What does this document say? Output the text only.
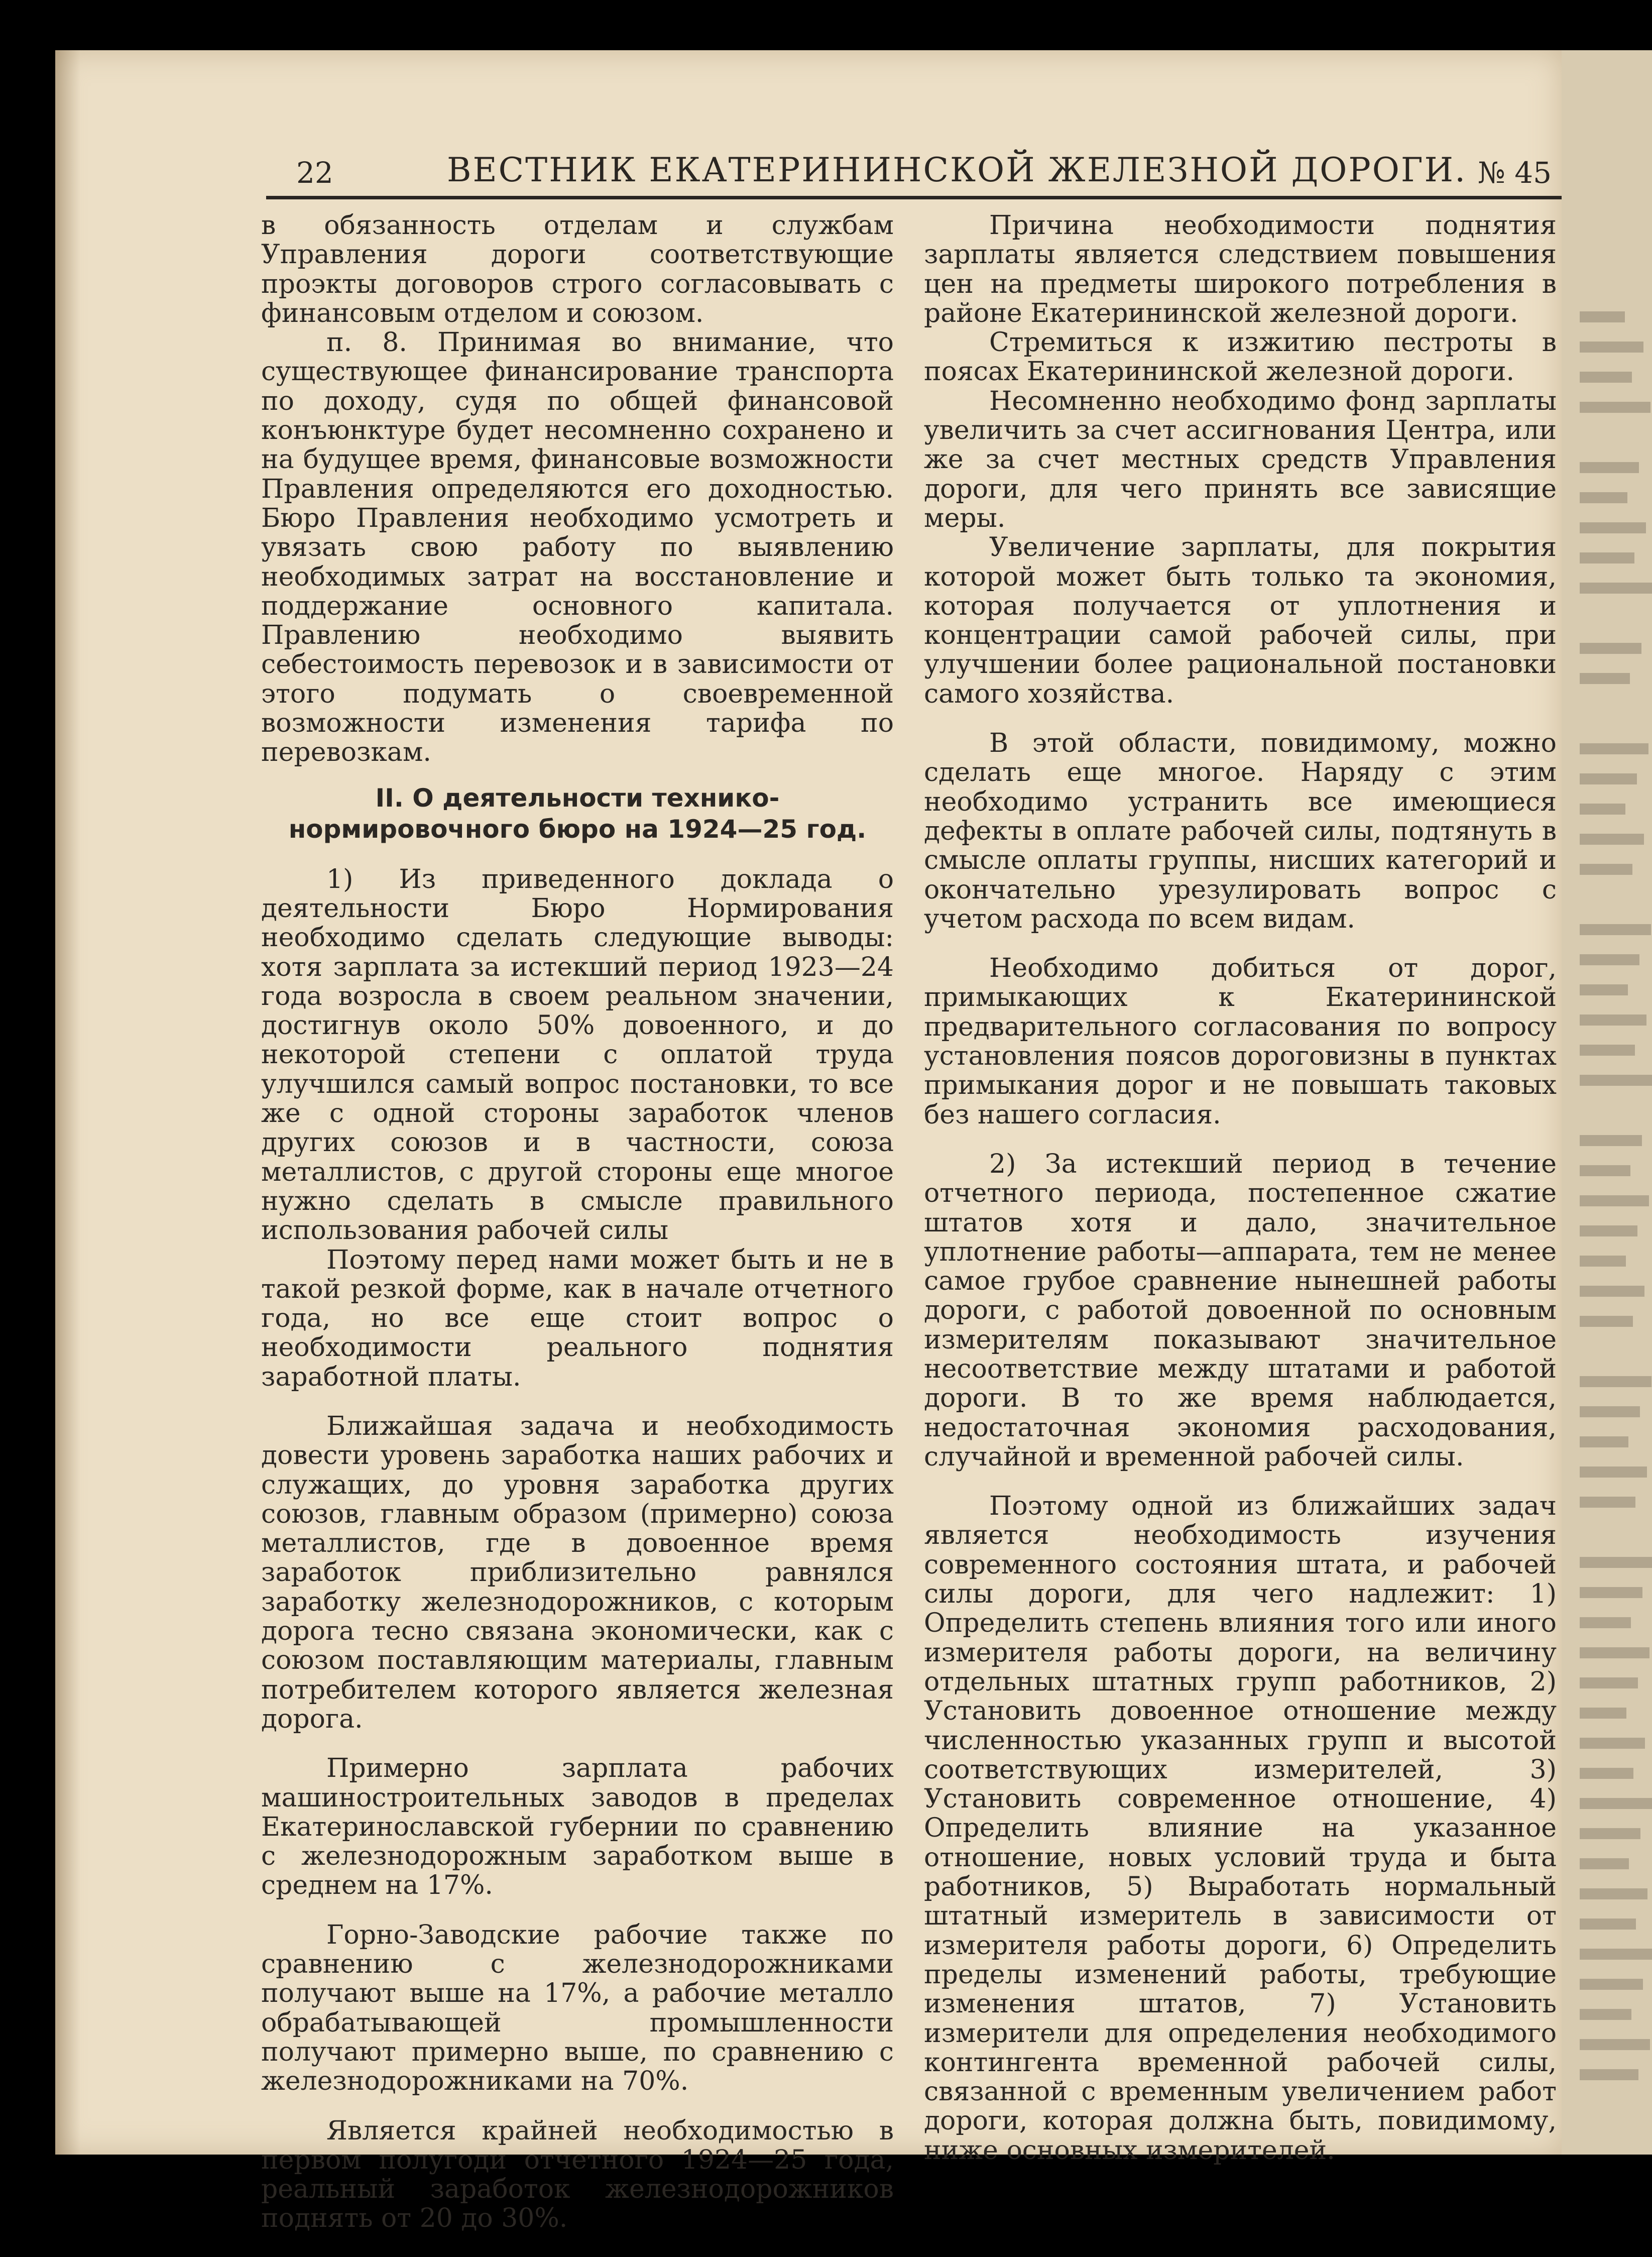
22	ВЕСТНИК ЕКАТЕРИНИНСКОЙ ЖЕЛЕЗНОЙ ДОРОГИ. № 45

в обязанность отделам и службам Управления дороги соответствующие проэкты договоров строго согласовывать с финансовым отделом и союзом.

п. 8. Принимая во внимание, что существующее финансирование транспорта по доходу, судя по общей финансовой конъюнктуре будет несомненно сохранено и на будущее время, финансовые возможности Правления определяются его доходностью. Бюро Правления необходимо усмотреть и увязать свою работу по выявлению необходимых затрат на восстановление и поддержание основного капитала. Правлению необходимо выявить себестоимость перевозок и в зависимости от этого подумать о своевременной возможности изменения тарифа по перевозкам.

II. О деятельности технико-нормировочного бюро на 1924—25 год.

1) Из приведенного доклада о деятельности Бюро Нормирования необходимо сделать следующие выводы: хотя зарплата за истекший период 1923—24 года возросла в своем реальном значении, достигнув около 50% довоенного, и до некоторой степени с оплатой труда улучшился самый вопрос постановки, то все же с одной стороны заработок членов других союзов и в частности, союза металлистов, с другой стороны еще многое нужно сделать в смысле правильного использования рабочей силы

Поэтому перед нами может быть и не в такой резкой форме, как в начале отчетного года, но все еще стоит вопрос о необходимости реального поднятия заработной платы.

Ближайшая задача и необходимость довести уровень заработка наших рабочих и служащих, до уровня заработка других союзов, главным образом (примерно) союза металлистов, где в довоенное время заработок приблизительно равнялся заработку железнодорожников, с которым дорога тесно связана экономически, как с союзом поставляющим материалы, главным потребителем которого является железная дорога.

Примерно зарплата рабочих машиностроительных заводов в пределах Екатеринославской губернии по сравнению с железнодорожным заработком выше в среднем на 17%.

Горно-Заводские рабочие также по сравнению с железнодорожниками получают выше на 17%, а рабочие металло обрабатывающей промышленности получают примерно выше, по сравнению с железнодорожниками на 70%.

Является крайней необходимостью в первом полугоди отчетного 1924—25 года, реальный заработок железнодорожников поднять от 20 до 30%.

Причина необходимости поднятия зарплаты является следствием повышения цен на предметы широкого потребления в районе Екатерининской железной дороги.

Стремиться к изжитию пестроты в поясах Екатерининской железной дороги.

Несомненно необходимо фонд зарплаты увеличить за счет ассигнования Центра, или же за счет местных средств Управления дороги, для чего принять все зависящие меры.

Увеличение зарплаты, для покрытия которой может быть только та экономия, которая получается от уплотнения и концентрации самой рабочей силы, при улучшении более рациональной постановки самого хозяйства.

В этой области, повидимому, можно сделать еще многое. Наряду с этим необходимо устранить все имеющиеся дефекты в оплате рабочей силы, подтянуть в смысле оплаты группы, нисших категорий и окончательно урезулировать вопрос с учетом расхода по всем видам.

Необходимо добиться от дорог, примыкающих к Екатерининской предварительного согласования по вопросу установления поясов дороговизны в пунктах примыкания дорог и не повышать таковых без нашего согласия.

2) За истекший период в течение отчетного периода, постепенное сжатие штатов хотя и дало, значительное уплотнение работы—аппарата, тем не менее самое грубое сравнение нынешней работы дороги, с работой довоенной по основным измерителям показывают значительное несоответствие между штатами и работой дороги. В то же время наблюдается, недостаточная экономия расходования, случайной и временной рабочей силы.

Поэтому одной из ближайших задач является необходимость изучения современного состояния штата, и рабочей силы дороги, для чего надлежит: 1) Определить степень влияния того или иного измерителя работы дороги, на величину отдельных штатных групп работников, 2) Установить довоенное отношение между численностью указанных групп и высотой соответствующих измерителей, 3) Установить современное отношение, 4) Определить влияние на указанное отношение, новых условий труда и быта работников, 5) Выработать нормальный штатный измеритель в зависимости от измерителя работы дороги, 6) Определить пределы изменений работы, требующие изменения штатов, 7) Установить измерители для определения необходимого контингента временной рабочей силы, связанной с временным увеличением работ дороги, которая должна быть, повидимому, ниже основных измерителей.
